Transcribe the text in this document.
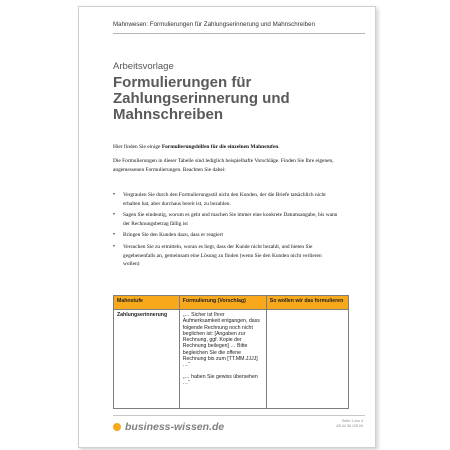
Mahnwesen: Formulierungen für Zahlungserinnerung und Mahnschreiben
Arbeitsvorlage
Formulierungen für Zahlungserinnerung und Mahnschreiben
Hier finden Sie einige Formulierungshilfen für die einzelnen Mahnstufen.
Die Formulierungen in dieser Tabelle sind lediglich beispielhafte Vorschläge. Finden Sie Ihre eigenen, angemessenen Formulierungen. Beachten Sie dabei:
• Vergraulen Sie durch den Formulierungsstil nicht den Kunden, der die Briefe tatsächlich nicht erhalten hat, aber durchaus bereit ist, zu bezahlen.
• Sagen Sie eindeutig, worum es geht und machen Sie immer eine konkrete Datumsangabe, bis wann der Rechnungsbetrag fällig ist
• Bringen Sie den Kunden dazu, dass er reagiert
• Versuchen Sie zu ermitteln, woran es liegt, dass der Kunde nicht bezahlt, und bieten Sie gegebenenfalls an, gemeinsam eine Lösung zu finden (wenn Sie den Kunden nicht verlieren wollen)
Mahnstufe	Formulierung (Vorschlag)	So wollen wir das formulieren
Zahlungserinnerung	„… Sicher ist Ihrer Aufmerksamkeit entgangen, dass folgende Rechnung noch nicht beglichen ist: [Angaben zur Rechnung, ggf. Kopie der Rechnung beilegen] … Bitte begleichen Sie die offene Rechnung bis zum [TT.MM.JJJJ] …“

„… haben Sie gewiss übersehen …“	

business-wissen.de	Seite 1 von 4
AS 42 06 125 04
